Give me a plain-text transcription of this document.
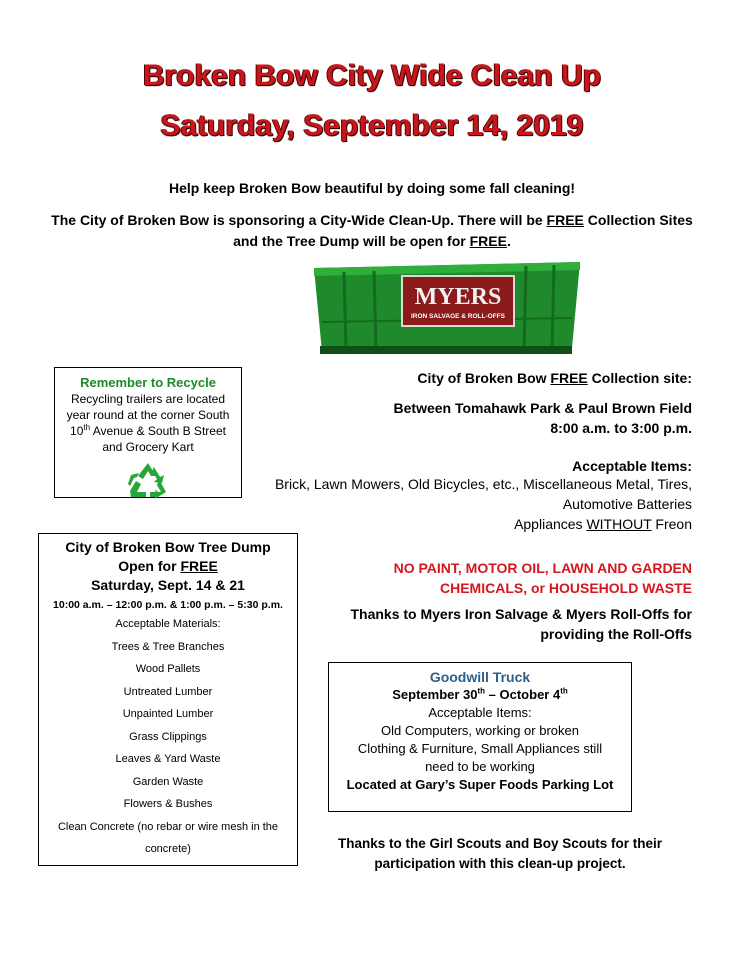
Broken Bow City Wide Clean Up
Saturday, September 14, 2019
Help keep Broken Bow beautiful by doing some fall cleaning!
The City of Broken Bow is sponsoring a City-Wide Clean-Up. There will be FREE Collection Sites and the Tree Dump will be open for FREE.
MYERS
IRON SALVAGE & ROLL-OFFS
Remember to Recycle
Recycling trailers are located
year round at the corner South
10th Avenue & South B Street
and Grocery Kart
City of Broken Bow FREE Collection site:
Between Tomahawk Park & Paul Brown Field
8:00 a.m. to 3:00 p.m.
Acceptable Items:
Brick, Lawn Mowers, Old Bicycles, etc., Miscellaneous Metal, Tires,
Automotive Batteries
Appliances WITHOUT Freon
NO PAINT, MOTOR OIL, LAWN AND GARDEN
CHEMICALS, or HOUSEHOLD WASTE
Thanks to Myers Iron Salvage & Myers Roll-Offs for
providing the Roll-Offs
City of Broken Bow Tree Dump
Open for FREE
Saturday, Sept. 14 & 21
10:00 a.m. – 12:00 p.m. & 1:00 p.m. – 5:30 p.m.
Acceptable Materials:
Trees & Tree Branches
Wood Pallets
Untreated Lumber
Unpainted Lumber
Grass Clippings
Leaves & Yard Waste
Garden Waste
Flowers & Bushes
Clean Concrete (no rebar or wire mesh in the concrete)
Goodwill Truck
September 30th – October 4th
Acceptable Items:
Old Computers, working or broken
Clothing & Furniture, Small Appliances still
need to be working
Located at Gary’s Super Foods Parking Lot
Thanks to the Girl Scouts and Boy Scouts for their
participation with this clean-up project.
